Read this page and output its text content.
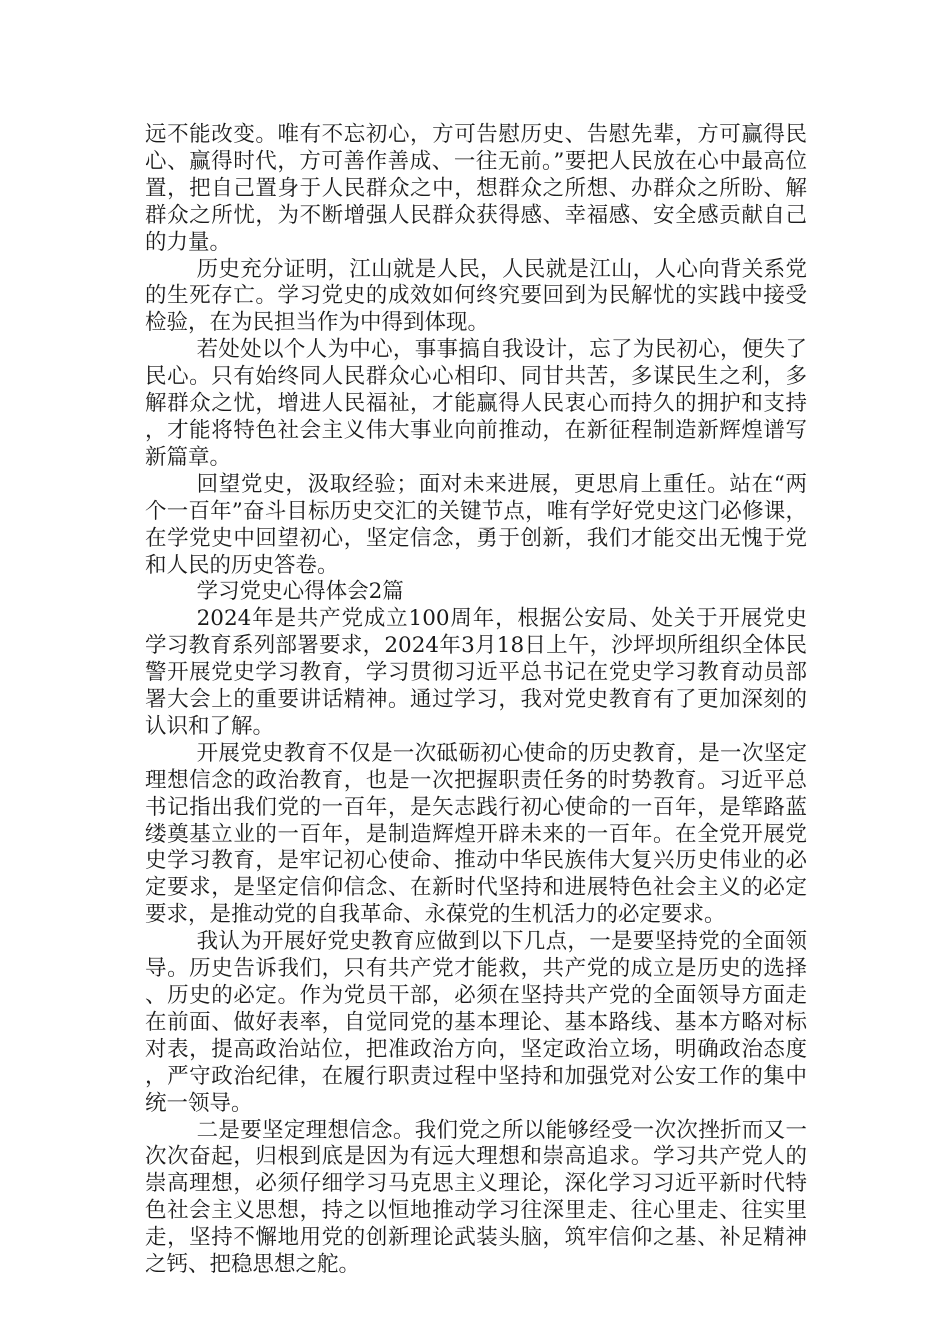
远不能改变。唯有不忘初心，方可告慰历史、告慰先辈，方可赢得民心、赢得时代，方可善作善成、一往无前。”要把人民放在心中最高位置，把自己置身于人民群众之中，想群众之所想、办群众之所盼、解群众之所忧，为不断增强人民群众获得感、幸福感、安全感贡献自己的力量。

历史充分证明，江山就是人民，人民就是江山，人心向背关系党的生死存亡。学习党史的成效如何终究要回到为民解忧的实践中接受检验，在为民担当作为中得到体现。

若处处以个人为中心，事事搞自我设计，忘了为民初心，便失了民心。只有始终同人民群众心心相印、同甘共苦，多谋民生之利，多解群众之忧，增进人民福祉，才能赢得人民衷心而持久的拥护和支持，才能将特色社会主义伟大事业向前推动，在新征程制造新辉煌谱写新篇章。

回望党史，汲取经验；面对未来进展，更思肩上重任。站在“两个一百年”奋斗目标历史交汇的关键节点，唯有学好党史这门必修课，在学党史中回望初心，坚定信念，勇于创新，我们才能交出无愧于党和人民的历史答卷。

学习党史心得体会2篇

2024年是共产党成立100周年，根据公安局、处关于开展党史学习教育系列部署要求，2024年3月18日上午，沙坪坝所组织全体民警开展党史学习教育，学习贯彻习近平总书记在党史学习教育动员部署大会上的重要讲话精神。通过学习，我对党史教育有了更加深刻的认识和了解。

开展党史教育不仅是一次砥砺初心使命的历史教育，是一次坚定理想信念的政治教育，也是一次把握职责任务的时势教育。习近平总书记指出我们党的一百年，是矢志践行初心使命的一百年，是筚路蓝缕奠基立业的一百年，是制造辉煌开辟未来的一百年。在全党开展党史学习教育，是牢记初心使命、推动中华民族伟大复兴历史伟业的必定要求，是坚定信仰信念、在新时代坚持和进展特色社会主义的必定要求，是推动党的自我革命、永葆党的生机活力的必定要求。

我认为开展好党史教育应做到以下几点，一是要坚持党的全面领导。历史告诉我们，只有共产党才能救，共产党的成立是历史的选择、历史的必定。作为党员干部，必须在坚持共产党的全面领导方面走在前面、做好表率，自觉同党的基本理论、基本路线、基本方略对标对表，提高政治站位，把准政治方向，坚定政治立场，明确政治态度，严守政治纪律，在履行职责过程中坚持和加强党对公安工作的集中统一领导。

二是要坚定理想信念。我们党之所以能够经受一次次挫折而又一次次奋起，归根到底是因为有远大理想和崇高追求。学习共产党人的崇高理想，必须仔细学习马克思主义理论，深化学习习近平新时代特色社会主义思想，持之以恒地推动学习往深里走、往心里走、往实里走，坚持不懈地用党的创新理论武装头脑，筑牢信仰之基、补足精神之钙、把稳思想之舵。
